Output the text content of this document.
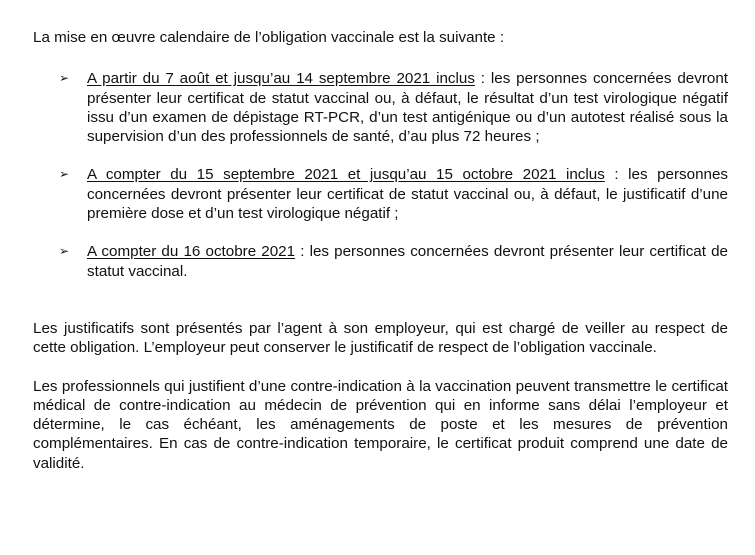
La mise en œuvre calendaire de l’obligation vaccinale est la suivante :

➢ A partir du 7 août et jusqu’au 14 septembre 2021 inclus : les personnes concernées devront présenter leur certificat de statut vaccinal ou, à défaut, le résultat d’un test virologique négatif issu d’un examen de dépistage RT-PCR, d’un test antigénique ou d’un autotest réalisé sous la supervision d’un des professionnels de santé, d’au plus 72 heures ;
➢ A compter du 15 septembre 2021 et jusqu’au 15 octobre 2021 inclus : les personnes concernées devront présenter leur certificat de statut vaccinal ou, à défaut, le justificatif d’une première dose et d’un test virologique négatif ;
➢ A compter du 16 octobre 2021 : les personnes concernées devront présenter leur certificat de statut vaccinal.

Les justificatifs sont présentés par l’agent à son employeur, qui est chargé de veiller au respect de cette obligation. L’employeur peut conserver le justificatif de respect de l’obligation vaccinale.

Les professionnels qui justifient d’une contre-indication à la vaccination peuvent transmettre le certificat médical de contre-indication au médecin de prévention qui en informe sans délai l’employeur et détermine, le cas échéant, les aménagements de poste et les mesures de prévention complémentaires. En cas de contre-indication temporaire, le certificat produit comprend une date de validité.
